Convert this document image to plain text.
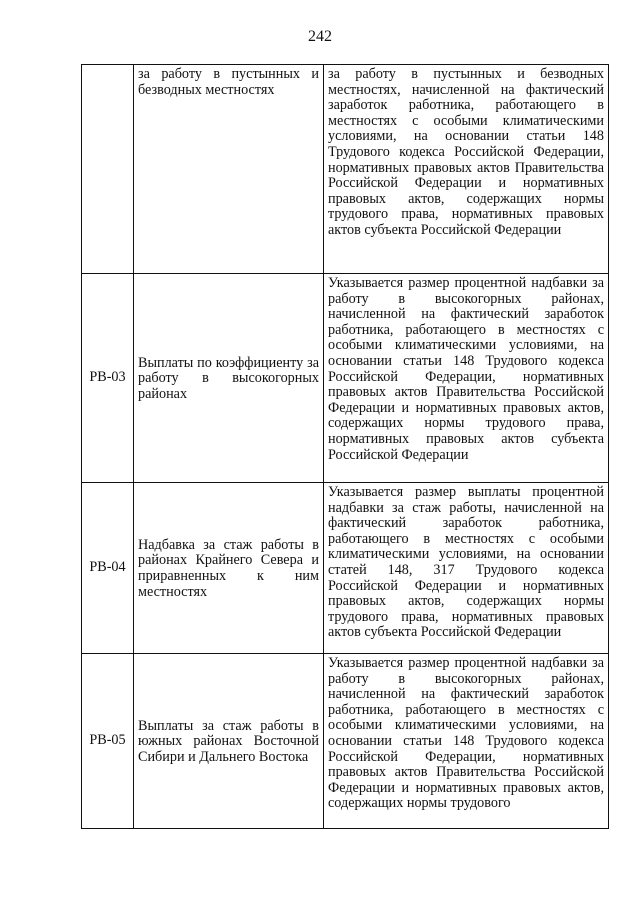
242
	за работу в пустынных и безводных местностях	за работу в пустынных и безводных местностях, начисленной на фактический заработок работника, работающего в местностях с особыми климатическими условиями, на основании статьи 148 Трудового кодекса Российской Федерации, нормативных правовых актов Правительства Российской Федерации и нормативных правовых актов, содержащих нормы трудового права, нормативных правовых актов субъекта Российской Федерации
РВ-03	Выплаты по коэффициенту за работу в высокогорных районах	Указывается размер процентной надбавки за работу в высокогорных районах, начисленной на фактический заработок работника, работающего в местностях с особыми климатическими условиями, на основании статьи 148 Трудового кодекса Российской Федерации, нормативных правовых актов Правительства Российской Федерации и нормативных правовых актов, содержащих нормы трудового права, нормативных правовых актов субъекта Российской Федерации
РВ-04	Надбавка за стаж работы в районах Крайнего Севера и приравненных к ним местностях	Указывается размер выплаты процентной надбавки за стаж работы, начисленной на фактический заработок работника, работающего в местностях с особыми климатическими условиями, на основании статей 148, 317 Трудового кодекса Российской Федерации и нормативных правовых актов, содержащих нормы трудового права, нормативных правовых актов субъекта Российской Федерации
РВ-05	Выплаты за стаж работы в южных районах Восточной Сибири и Дальнего Востока	Указывается размер процентной надбавки за работу в высокогорных районах, начисленной на фактический заработок работника, работающего в местностях с особыми климатическими условиями, на основании статьи 148 Трудового кодекса Российской Федерации, нормативных правовых актов Правительства Российской Федерации и нормативных правовых актов, содержащих нормы трудового
